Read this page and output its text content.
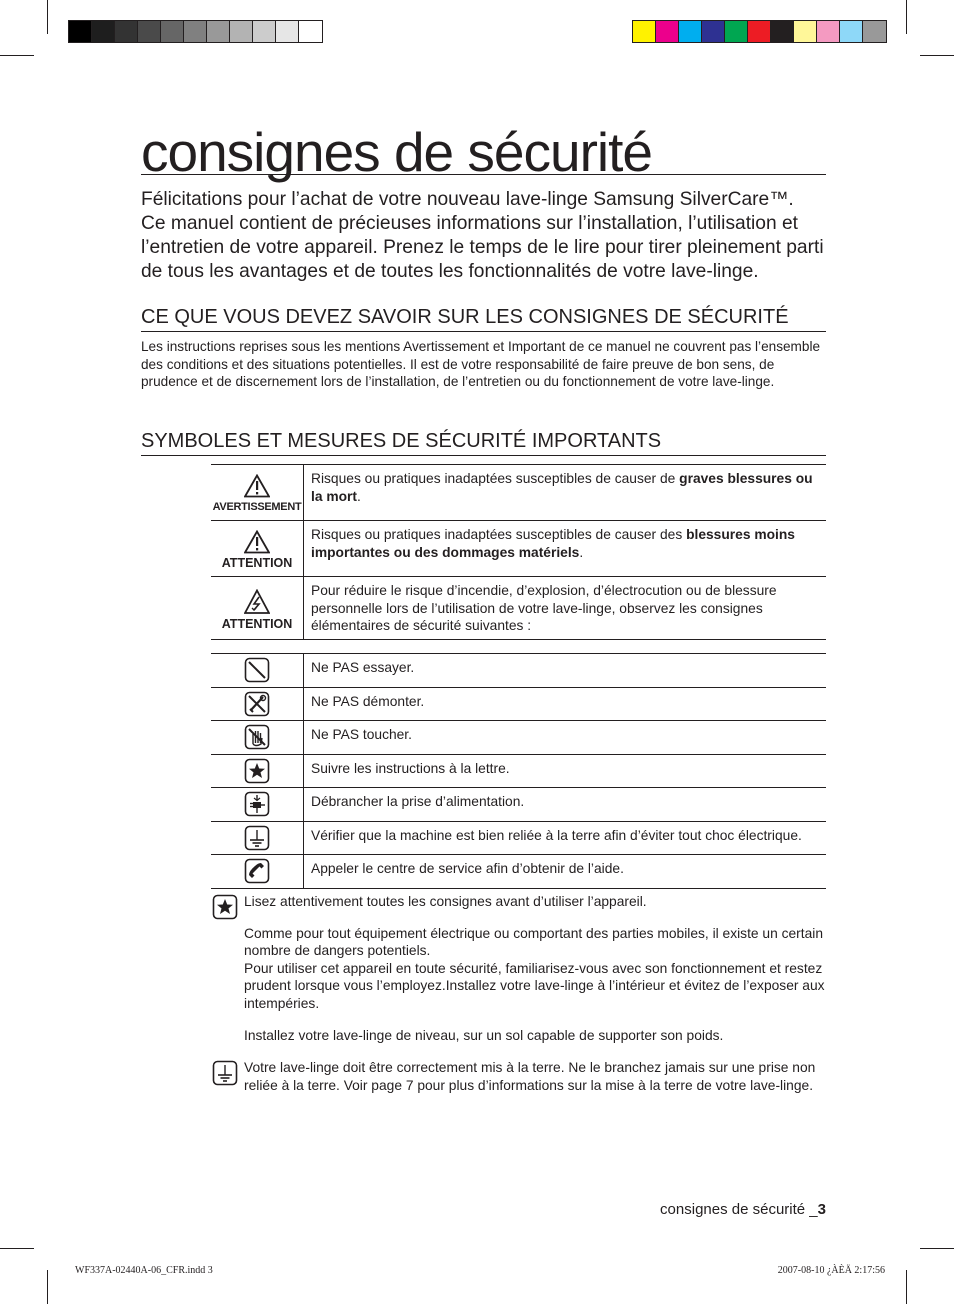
consignes de sécurité

Félicitations pour l’achat de votre nouveau lave-linge Samsung SilverCare™.

Ce manuel contient de précieuses informations sur l’installation, l’utilisation et l’entretien de votre appareil. Prenez le temps de le lire pour tirer pleinement parti de tous les avantages et de toutes les fonctionnalités de votre lave-linge.

CE QUE VOUS DEVEZ SAVOIR SUR LES CONSIGNES DE SÉCURITÉ
Les instructions reprises sous les mentions Avertissement et Important de ce manuel ne couvrent pas l’ensemble des conditions et des situations potentielles. Il est de votre responsabilité de faire preuve de bon sens, de prudence et de discernement lors de l’installation, de l’entretien ou du fonctionnement de votre lave-linge.
SYMBOLES ET MESURES DE SÉCURITÉ IMPORTANTS
AVERTISSEMENT	Risques ou pratiques inadaptées susceptibles de causer de graves blessures ou la mort.

ATTENTION	Risques ou pratiques inadaptées susceptibles de causer des blessures moins importantes ou des dommages matériels.

ATTENTION	Pour réduire le risque d’incendie, d’explosion, d’électrocution ou de blessure personnelle lors de l’utilisation de votre lave-linge, observez les consignes élémentaires de sécurité suivantes :
	Ne PAS essayer.

	Ne PAS démonter.

	Ne PAS toucher.

	Suivre les instructions à la lettre.

	Débrancher la prise d’alimentation.

	Vérifier que la machine est bien reliée à la terre afin d’éviter tout choc électrique.

	Appeler le centre de service afin d’obtenir de l’aide.

Lisez attentivement toutes les consignes avant d’utiliser l’appareil.

Comme pour tout équipement électrique ou comportant des parties mobiles, il existe un certain nombre de dangers potentiels.

Pour utiliser cet appareil en toute sécurité, familiarisez-vous avec son fonctionnement et restez prudent lorsque vous l’employez.Installez votre lave-linge à l’intérieur et évitez de l’exposer aux intempéries.

Installez votre lave-linge de niveau, sur un sol capable de supporter son poids.

Votre lave-linge doit être correctement mis à la terre. Ne le branchez jamais sur une prise non reliée à la terre. Voir page 7 pour plus d’informations sur la mise à la terre de votre lave-linge.

consignes de sécurité _3
WF337A-02440A-06_CFR.indd 3	2007-08-10 ¿ÀÈÄ 2:17:56
